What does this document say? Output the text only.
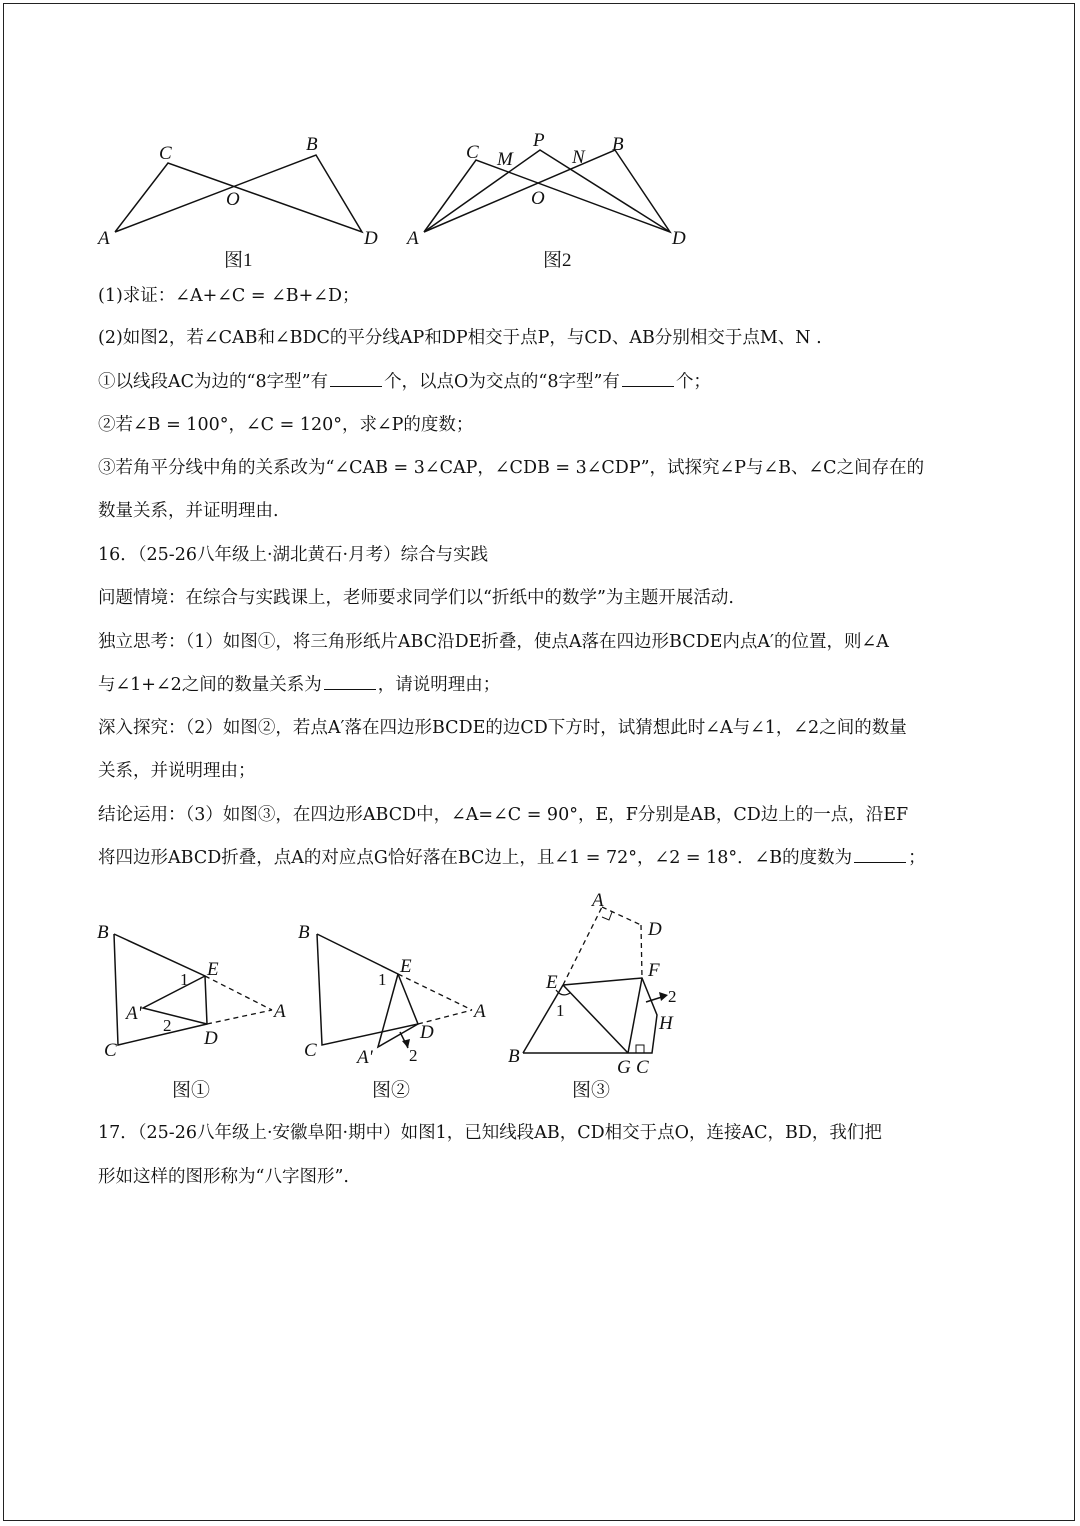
A
C
O
B
D
图1
A
C M
P
N
B
O
D
图2
(1)求证：∠A+∠C = ∠B+∠D；
(2)如图2，若∠CAB和∠BDC的平分线AP和DP相交于点P，与CD、AB分别相交于点M、N .
①以线段AC为边的“8字型”有	个，以点O为交点的“8字型”有	个；
②若∠B = 100°，∠C = 120°，求∠P的度数；
③若角平分线中角的关系改为“∠CAB = 3∠CAP，∠CDB = 3∠CDP”，试探究∠P与∠B、∠C之间存在的
数量关系，并证明理由.
16．（25-26八年级上·湖北黄石·月考）综合与实践
问题情境：在综合与实践课上，老师要求同学们以“折纸中的数学”为主题开展活动.
独立思考：（1）如图①，将三角形纸片ABC沿DE折叠，使点A落在四边形BCDE内点A′的位置，则∠A
与∠1+∠2之间的数量关系为	，请说明理由；
深入探究：（2）如图②，若点A′落在四边形BCDE的边CD下方时，试猜想此时∠A与∠1，∠2之间的数量
关系，并说明理由；
结论运用：（3）如图③，在四边形ABCD中，∠A=∠C = 90°，E，F分别是AB，CD边上的一点，沿EF
将四边形ABCD折叠，点A的对应点G恰好落在BC边上，且∠1 = 72°，∠2 = 18°．∠B的度数为	；
B
C
E
D
A
A'
1
2
图①
B
C
E
D
A
A'
1
2
图②
A
D
E
F
H
B
G C
1
2
图③
17．（25-26八年级上·安徽阜阳·期中）如图1，已知线段AB，CD相交于点O，连接AC，BD，我们把
形如这样的图形称为“八字图形”.
